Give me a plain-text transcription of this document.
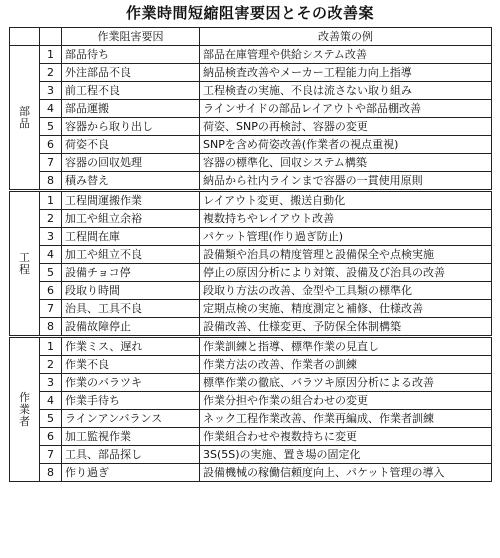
作業時間短縮阻害要因とその改善案
		作業阻害要因	改善策の例

部
品	1	部品待ち	部品在庫管理や供給システム改善
	2	外注部品不良	納品検査改善やメーカー工程能力向上指導
	3	前工程不良	工程検査の実施、不良は流さない取り組み
	4	部品運搬	ラインサイドの部品レイアウトや部品棚改善
	5	容器から取り出し	荷姿、SNPの再検討、容器の変更
	6	荷姿不良	SNPを含め荷姿改善(作業者の視点重視)
	7	容器の回収処理	容器の標準化、回収システム構築
	8	積み替え	納品から社内ラインまで容器の一貫使用原則

工
程	1	工程間運搬作業	レイアウト変更、搬送自動化
	2	加工や組立余裕	複数持ちやレイアウト改善
	3	工程間在庫	パケット管理(作り過ぎ防止)
	4	加工や組立不良	設備類や治具の精度管理と設備保全や点検実施
	5	設備チョコ停	停止の原因分析により対策、設備及び治具の改善
	6	段取り時間	段取り方法の改善、金型や工具類の標準化
	7	治具、工具不良	定期点検の実施、精度測定と補修、仕様改善
	8	設備故障停止	設備改善、仕様変更、予防保全体制構築

作
業
者	1	作業ミス、遅れ	作業訓練と指導、標準作業の見直し
	2	作業不良	作業方法の改善、作業者の訓練
	3	作業のバラツキ	標準作業の徹底、バラツキ原因分析による改善
	4	作業手待ち	作業分担や作業の組合わせの変更
	5	ラインアンバランス	ネック工程作業改善、作業再編成、作業者訓練
	6	加工監視作業	作業組合わせや複数持ちに変更
	7	工具、部品探し	3S(5S)の実施、置き場の固定化
	8	作り過ぎ	設備機械の稼働信頼度向上、パケット管理の導入
